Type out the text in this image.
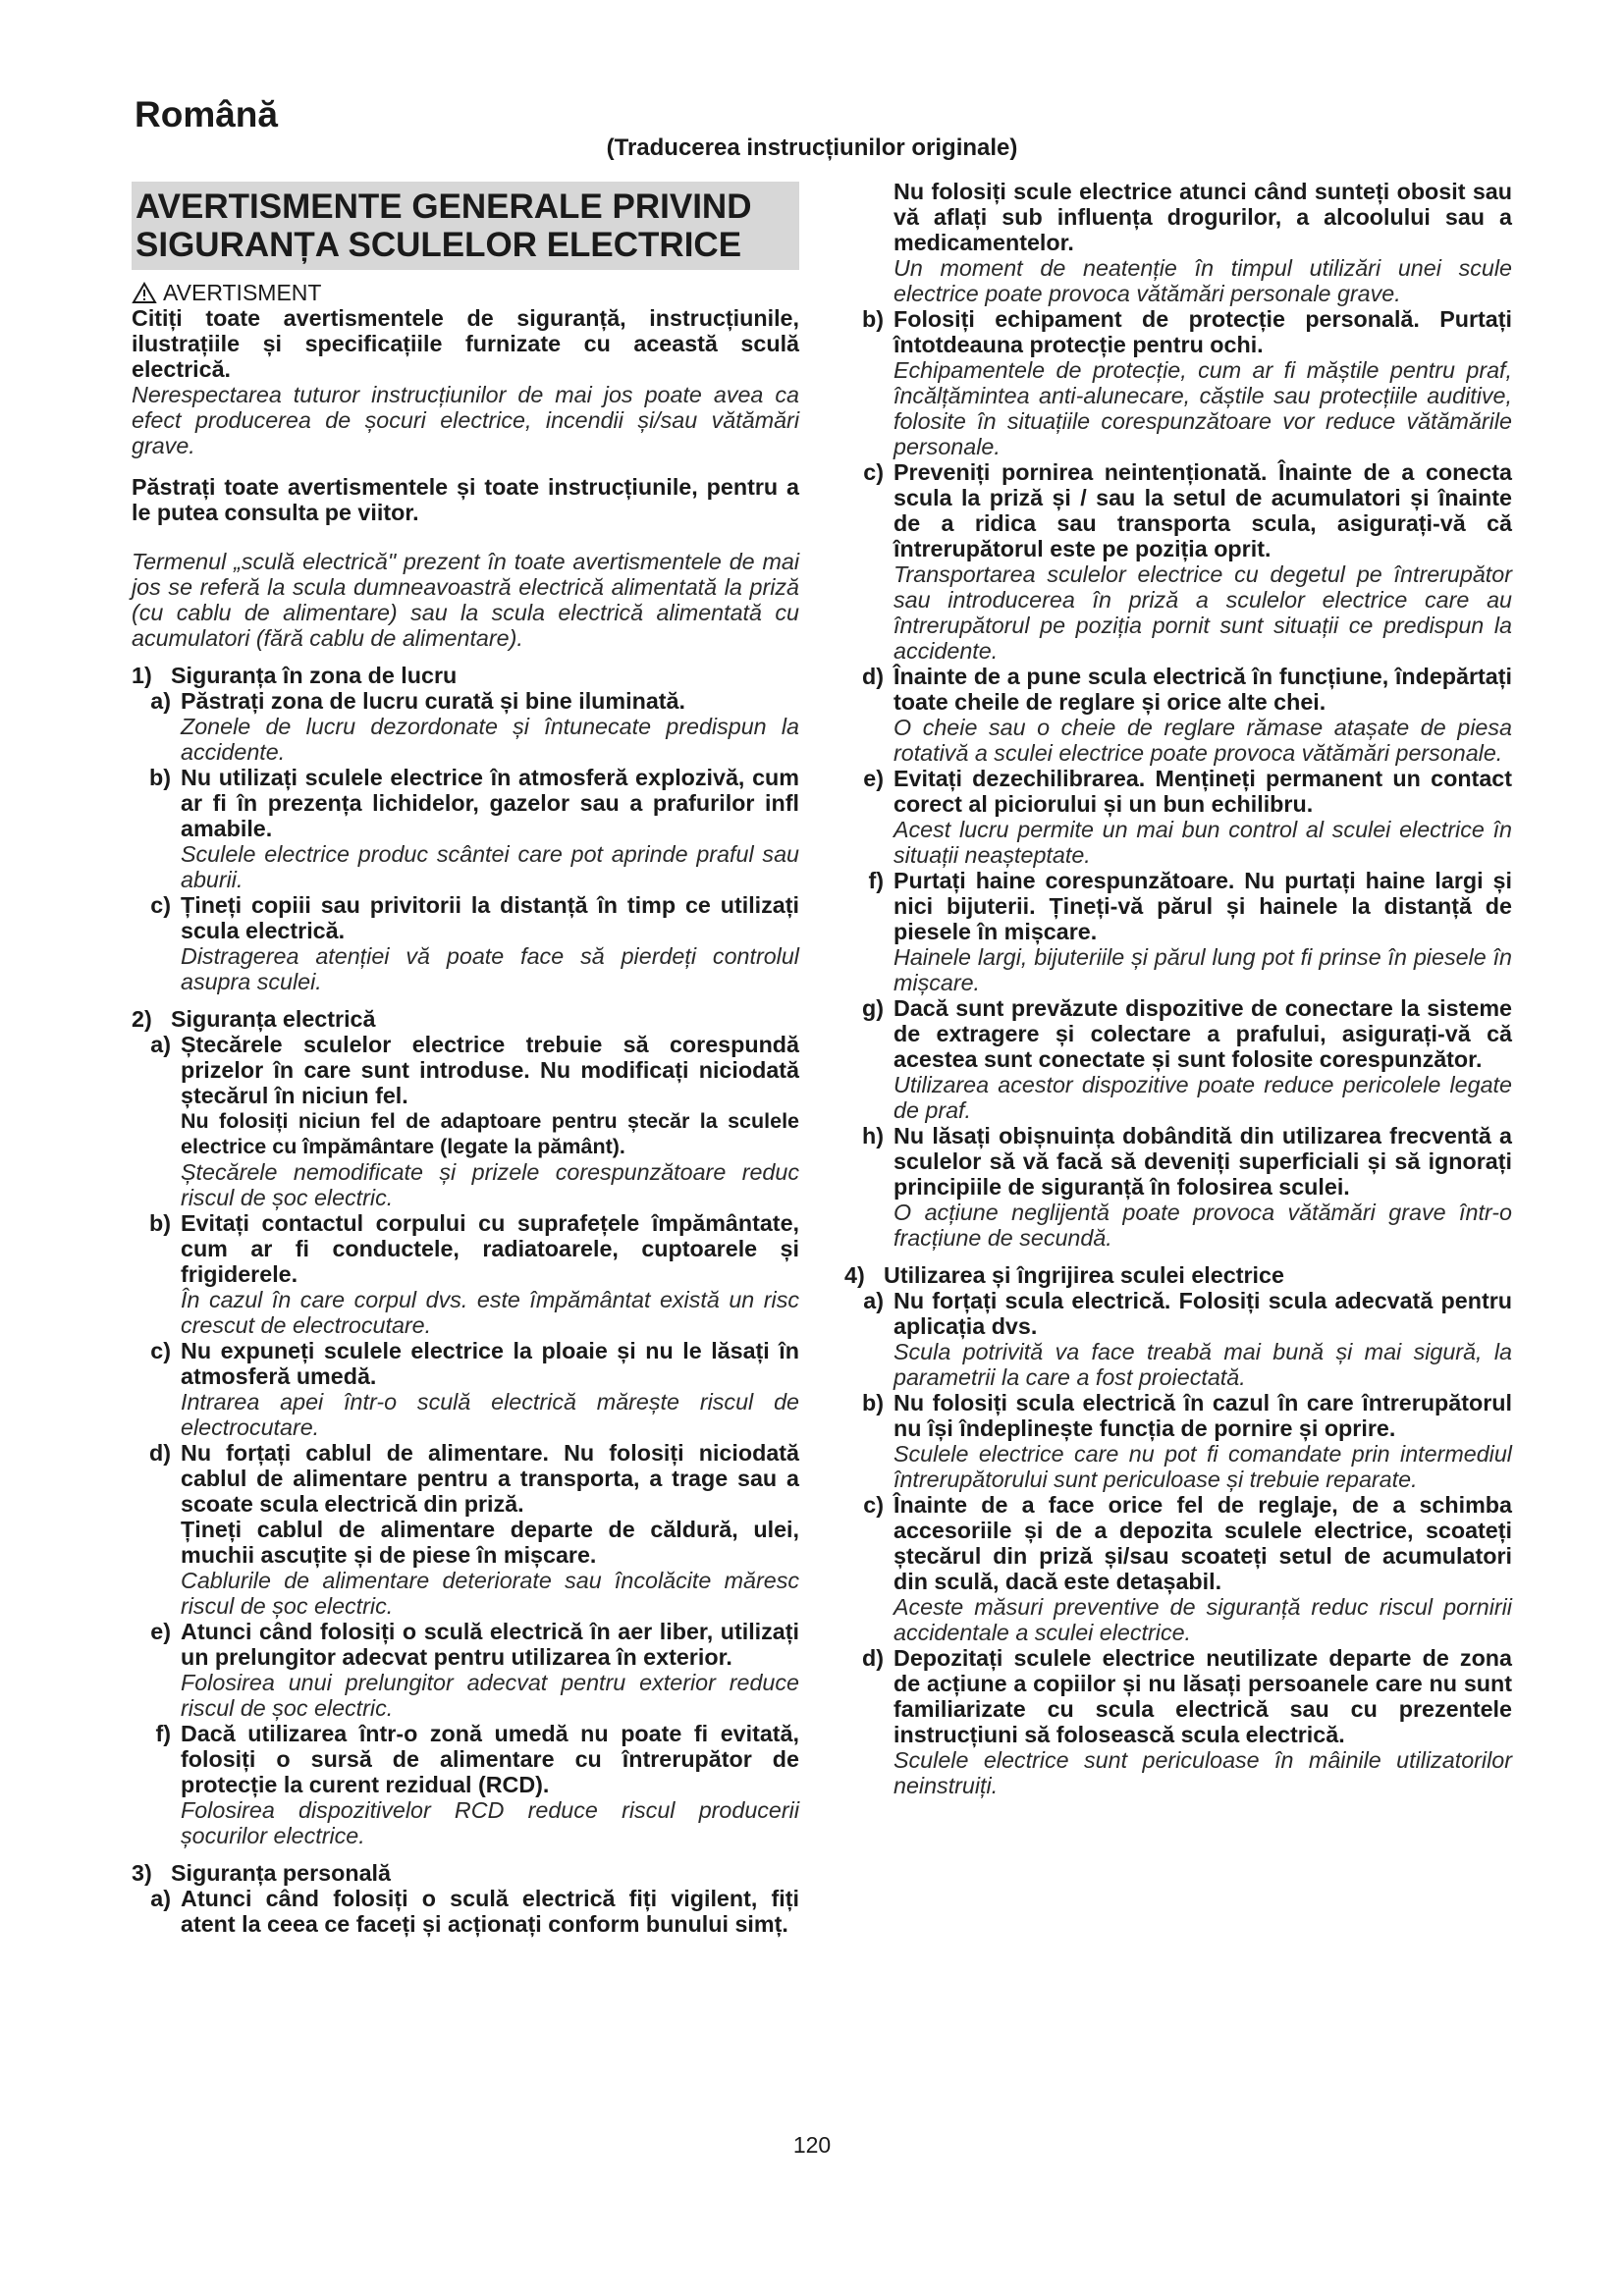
Română
(Traducerea instrucțiunilor originale)
AVERTISMENTE GENERALE PRIVIND SIGURANȚA SCULELOR ELECTRICE
AVERTISMENT

Citiți toate avertismentele de siguranță, instrucțiunile, ilustrațiile și specificațiile furnizate cu această sculă electrică.

Nerespectarea tuturor instrucțiunilor de mai jos poate avea ca efect producerea de șocuri electrice, incendii și/sau vătămări grave.

Păstrați toate avertismentele și toate instrucțiunile, pentru a le putea consulta pe viitor.

Termenul „sculă electrică" prezent în toate avertismentele de mai jos se referă la scula dumneavoastră electrică alimentată la priză (cu cablu de alimentare) sau la scula electrică alimentată cu acumulatori (fără cablu de alimentare).

1) Siguranța în zona de lucru
a) Păstrați zona de lucru curată și bine iluminată.

Zonele de lucru dezordonate și întunecate predispun la accidente.

b) Nu utilizați sculele electrice în atmosferă explozivă, cum ar fi în prezența lichidelor, gazelor sau a prafurilor infl amabile.

Sculele electrice produc scântei care pot aprinde praful sau aburii.

c) Țineți copiii sau privitorii la distanță în timp ce utilizați scula electrică.

Distragerea atenției vă poate face să pierdeți controlul asupra sculei.

2) Siguranța electrică
a) Ștecărele sculelor electrice trebuie să corespundă prizelor în care sunt introduse. Nu modificați niciodată ștecărul în niciun fel.

Nu folosiți niciun fel de adaptoare pentru ștecăr la sculele electrice cu împământare (legate la pământ).

Ștecărele nemodificate și prizele corespunzătoare reduc riscul de șoc electric.

b) Evitați contactul corpului cu suprafețele împământate, cum ar fi conductele, radiatoarele, cuptoarele și frigiderele.

În cazul în care corpul dvs. este împământat există un risc crescut de electrocutare.

c) Nu expuneți sculele electrice la ploaie și nu le lăsați în atmosferă umedă.

Intrarea apei într-o sculă electrică mărește riscul de electrocutare.

d) Nu forțați cablul de alimentare. Nu folosiți niciodată cablul de alimentare pentru a transporta, a trage sau a scoate scula electrică din priză.

Țineți cablul de alimentare departe de căldură, ulei, muchii ascuțite și de piese în mișcare.

Cablurile de alimentare deteriorate sau încolăcite măresc riscul de șoc electric.

e) Atunci când folosiți o sculă electrică în aer liber, utilizați un prelungitor adecvat pentru utilizarea în exterior.

Folosirea unui prelungitor adecvat pentru exterior reduce riscul de șoc electric.

f) Dacă utilizarea într-o zonă umedă nu poate fi evitată, folosiți o sursă de alimentare cu întrerupător de protecție la curent rezidual (RCD).

Folosirea dispozitivelor RCD reduce riscul producerii șocurilor electrice.

3) Siguranța personală
a) Atunci când folosiți o sculă electrică fiți vigilent, fiți atent la ceea ce faceți și acționați conform bunului simț.

Nu folosiți scule electrice atunci când sunteți obosit sau vă aflați sub influența drogurilor, a alcoolului sau a medicamentelor.

Un moment de neatenție în timpul utilizări unei scule electrice poate provoca vătămări personale grave.

b) Folosiți echipament de protecție personală. Purtați întotdeauna protecție pentru ochi.

Echipamentele de protecție, cum ar fi măștile pentru praf, încălțămintea anti-alunecare, căștile sau protecțiile auditive, folosite în situațiile corespunzătoare vor reduce vătămările personale.

c) Preveniți pornirea neintenționată. Înainte de a conecta scula la priză și / sau la setul de acumulatori și înainte de a ridica sau transporta scula, asigurați-vă că întrerupătorul este pe poziția oprit.

Transportarea sculelor electrice cu degetul pe întrerupător sau introducerea în priză a sculelor electrice care au întrerupătorul pe poziția pornit sunt situații ce predispun la accidente.

d) Înainte de a pune scula electrică în funcțiune, îndepărtați toate cheile de reglare și orice alte chei.

O cheie sau o cheie de reglare rămase atașate de piesa rotativă a sculei electrice poate provoca vătămări personale.

e) Evitați dezechilibrarea. Mențineți permanent un contact corect al piciorului și un bun echilibru.

Acest lucru permite un mai bun control al sculei electrice în situații neașteptate.

f) Purtați haine corespunzătoare. Nu purtați haine largi și nici bijuterii. Țineți-vă părul și hainele la distanță de piesele în mișcare.

Hainele largi, bijuteriile și părul lung pot fi prinse în piesele în mișcare.

g) Dacă sunt prevăzute dispozitive de conectare la sisteme de extragere și colectare a prafului, asigurați-vă că acestea sunt conectate și sunt folosite corespunzător.

Utilizarea acestor dispozitive poate reduce pericolele legate de praf.

h) Nu lăsați obișnuința dobândită din utilizarea frecventă a sculelor să vă facă să deveniți superficiali și să ignorați principiile de siguranță în folosirea sculei.

O acțiune neglijentă poate provoca vătămări grave într-o fracțiune de secundă.

4) Utilizarea și îngrijirea sculei electrice
a) Nu forțați scula electrică. Folosiți scula adecvată pentru aplicația dvs.

Scula potrivită va face treabă mai bună și mai sigură, la parametrii la care a fost proiectată.

b) Nu folosiți scula electrică în cazul în care întrerupătorul nu își îndeplinește funcția de pornire și oprire.

Sculele electrice care nu pot fi comandate prin intermediul întrerupătorului sunt periculoase și trebuie reparate.

c) Înainte de a face orice fel de reglaje, de a schimba accesoriile și de a depozita sculele electrice, scoateți ștecărul din priză și/sau scoateți setul de acumulatori din sculă, dacă este detașabil.

Aceste măsuri preventive de siguranță reduc riscul pornirii accidentale a sculei electrice.

d) Depozitați sculele electrice neutilizate departe de zona de acțiune a copiilor și nu lăsați persoanele care nu sunt familiarizate cu scula electrică sau cu prezentele instrucțiuni să folosească scula electrică.

Sculele electrice sunt periculoase în mâinile utilizatorilor neinstruiți.

120
